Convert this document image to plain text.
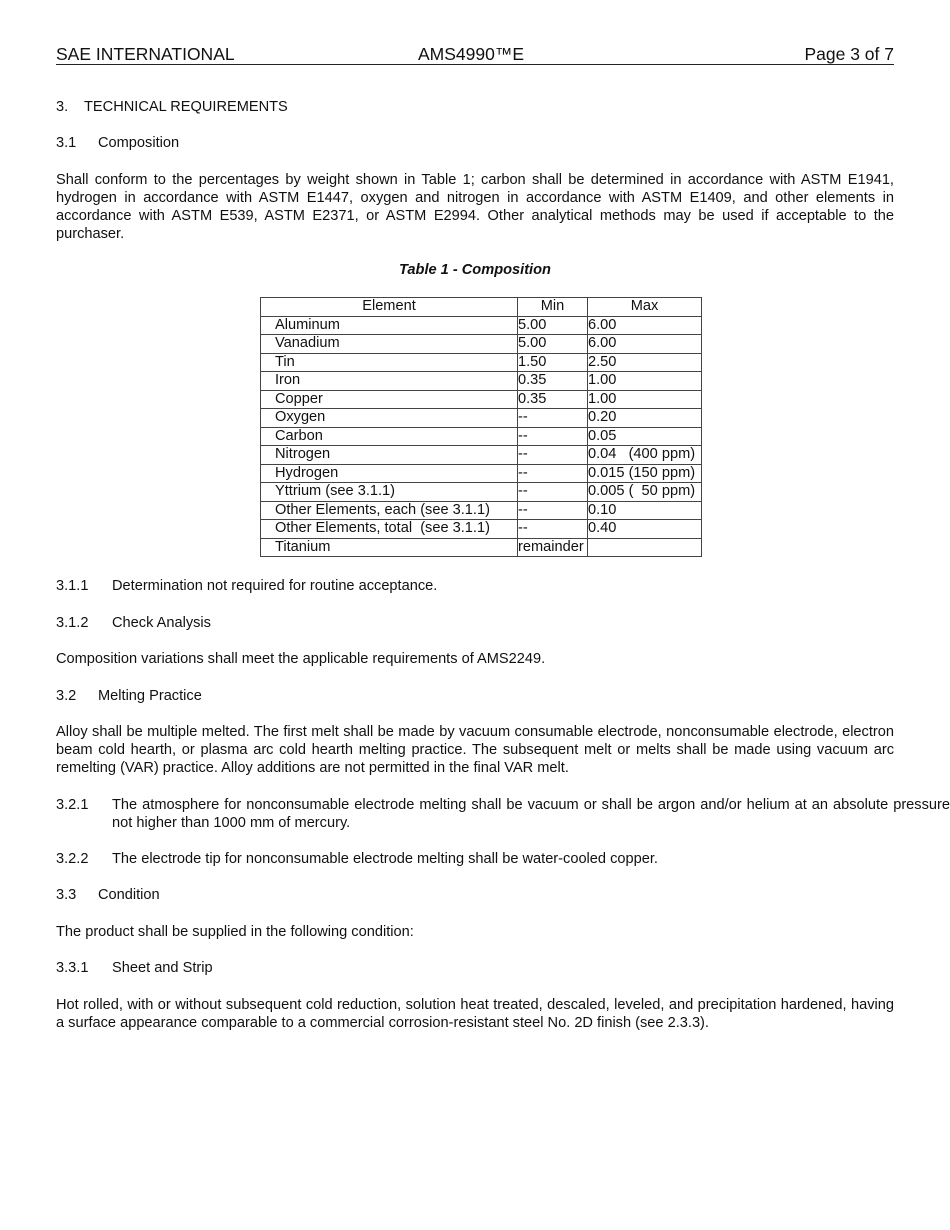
SAE INTERNATIONAL	AMS4990™E	Page 3 of 7
3. TECHNICAL REQUIREMENTS
3.1 Composition
Shall conform to the percentages by weight shown in Table 1; carbon shall be determined in accordance with ASTM E1941, hydrogen in accordance with ASTM E1447, oxygen and nitrogen in accordance with ASTM E1409, and other elements in accordance with ASTM E539, ASTM E2371, or ASTM E2994. Other analytical methods may be used if acceptable to the purchaser.
Table 1 - Composition
Element	Min	Max
Aluminum	5.00	6.00
Vanadium	5.00	6.00
Tin	1.50	2.50
Iron	0.35	1.00
Copper	0.35	1.00
Oxygen	--	0.20
Carbon	--	0.05
Nitrogen	--	0.04   (400 ppm)
Hydrogen	--	0.015 (150 ppm)
Yttrium (see 3.1.1)	--	0.005 (  50 ppm)
Other Elements, each (see 3.1.1)	--	0.10
Other Elements, total  (see 3.1.1)	--	0.40
Titanium	remainder	
3.1.1 Determination not required for routine acceptance.
3.1.2 Check Analysis
Composition variations shall meet the applicable requirements of AMS2249.
3.2 Melting Practice
Alloy shall be multiple melted. The first melt shall be made by vacuum consumable electrode, nonconsumable electrode, electron beam cold hearth, or plasma arc cold hearth melting practice. The subsequent melt or melts shall be made using vacuum arc remelting (VAR) practice. Alloy additions are not permitted in the final VAR melt.
3.2.1 The atmosphere for nonconsumable electrode melting shall be vacuum or shall be argon and/or helium at an absolute pressure not higher than 1000 mm of mercury.
3.2.2 The electrode tip for nonconsumable electrode melting shall be water-cooled copper.
3.3 Condition
The product shall be supplied in the following condition:
3.3.1 Sheet and Strip
Hot rolled, with or without subsequent cold reduction, solution heat treated, descaled, leveled, and precipitation hardened, having a surface appearance comparable to a commercial corrosion-resistant steel No. 2D finish (see 2.3.3).
